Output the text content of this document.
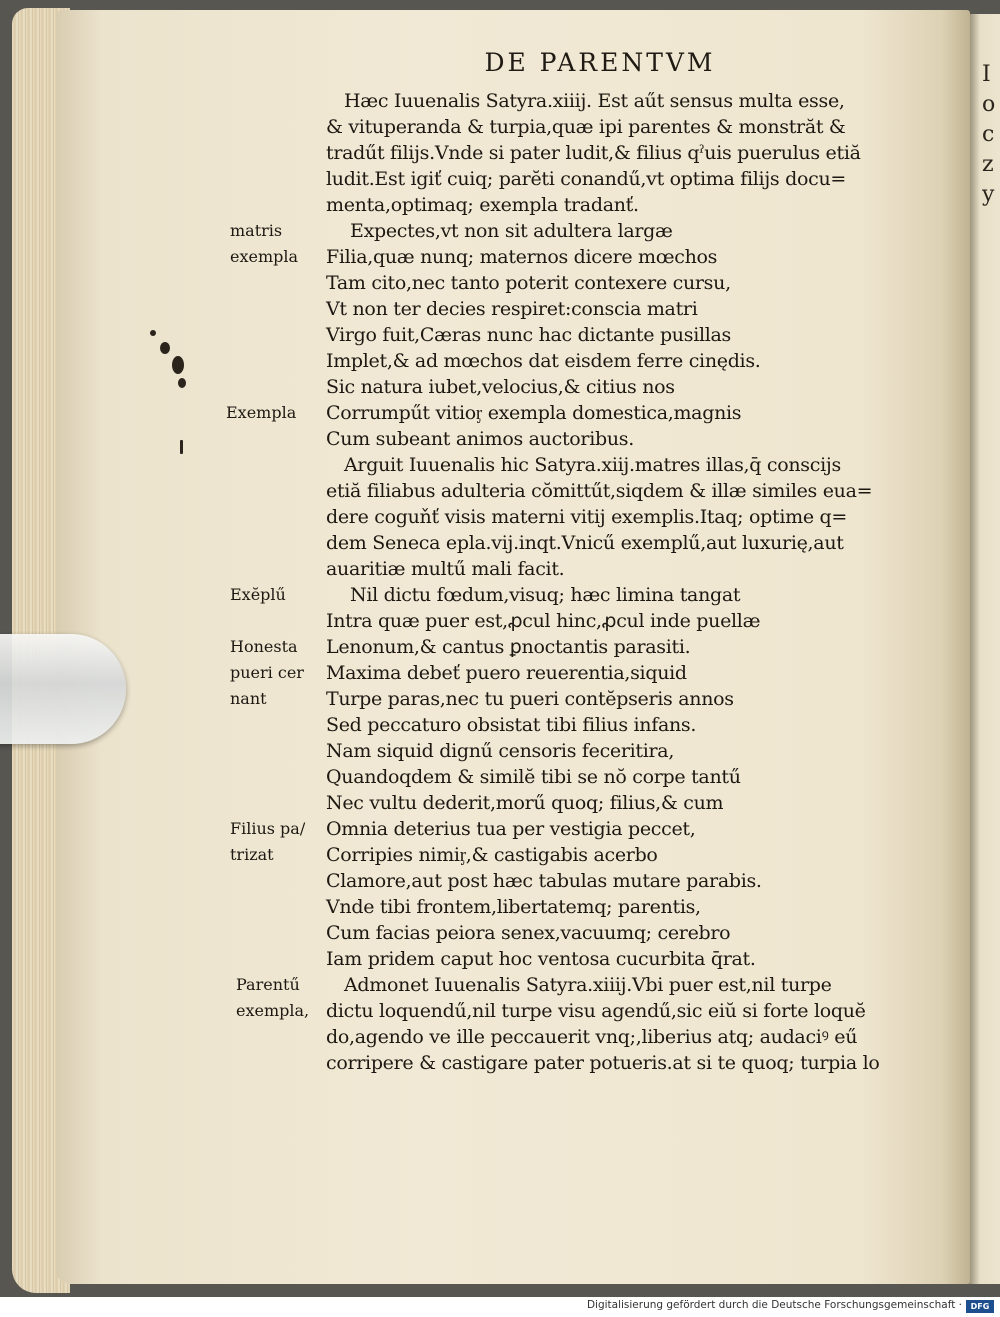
I
o
c
z
y
DE PARENTVM
Hæc Iuuenalis Satyra.xiiij. Est aűt sensus multa esse,
& vituperanda & turpia,quæ ipi parentes & monstrăt &
tradűt filijs.Vnde si pater ludit,& filius qˀuis puerulus etiă
ludit.Est igiť cuiq; parĕti conandű,vt optima filijs docu=
menta,optimaq; exempla tradanť.
Expectes,vt non sit adultera largæ
Filia,quæ nunq; maternos dicere mœchos
Tam cito,nec tanto poterit contexere cursu,
Vt non ter decies respiret:conscia matri
Virgo fuit,Cæras nunc hac dictante pusillas
Implet,& ad mœchos dat eisdem ferre cinędis.
Sic natura iubet,velocius,& citius nos
Corrumpűt vitioᶉ exempla domestica,magnis
Cum subeant animos auctoribus.
Arguit Iuuenalis hic Satyra.xiij.matres illas,q̄ conscijs
etiă filiabus adulteria cŏmittűt,siqdem & illæ similes eua=
dere coguňť visis materni vitij exemplis.Itaq; optime q=
dem Seneca epla.vij.inqt.Vnicű exemplű,aut luxurię,aut
auaritiæ multű mali facit.
Nil dictu fœdum,visuq; hæc limina tangat
Intra quæ puer est,ꝓcul hinc,ꝓcul inde puellæ
Lenonum,& cantus ꝑnoctantis parasiti.
Maxima debeť puero reuerentia,siquid
Turpe paras,nec tu pueri contĕpseris annos
Sed peccaturo obsistat tibi filius infans.
Nam siquid dignű censoris feceritira,
Quandoqdem & similĕ tibi se nŏ corpe tantű
Nec vultu dederit,morű quoq; filius,& cum
Omnia deterius tua per vestigia peccet,
Corripies nimiᶉ,& castigabis acerbo
Clamore,aut post hæc tabulas mutare parabis.
Vnde tibi frontem,libertatemq; parentis,
Cum facias peiora senex,vacuumq; cerebro
Iam pridem caput hoc ventosa cucurbita q̄rat.
Admonet Iuuenalis Satyra.xiiij.Vbi puer est,nil turpe
dictu loquendű,nil turpe visu agendű,sic eiŭ si forte loquĕ
do,agendo ve ille peccauerit vnq;,liberius atq; audaciꝰ eű
corripere & castigare pater potueris.at si te quoq; turpia lo
matris
exempla
Exempla
Exĕplű
Honesta
pueri cer
nant
Filius pa/
trizat
Parentű
exempla,
Digitalisierung gefördert durch die Deutsche Forschungsgemeinschaft ·	DFG
